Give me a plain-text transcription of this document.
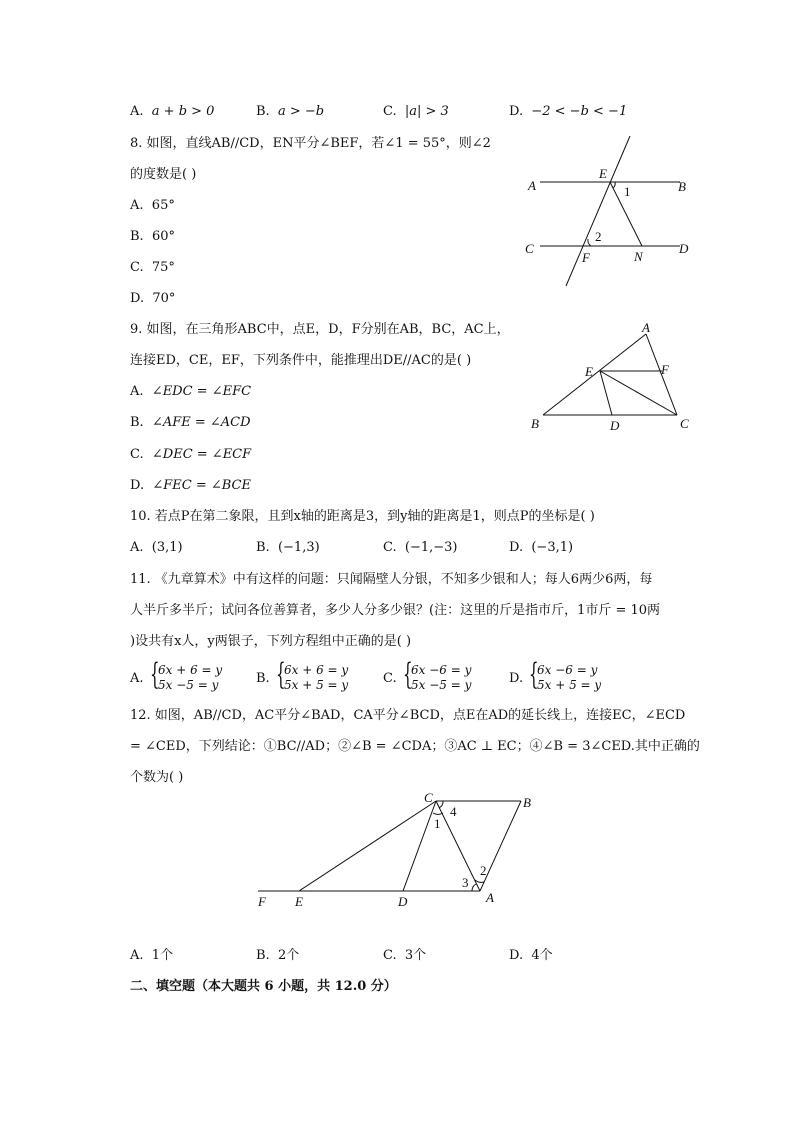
A. a + b > 0	B. a > −b	C. |a| > 3	D. −2 < −b < −1
8. 如图，直线AB//CD，EN平分∠BEF，若∠1 = 55°，则∠2
的度数是( )
A. 65°
B. 60°
C. 75°
D. 70°
A
E
B
1
C
2
D
F	N
9. 如图，在三角形ABC中，点E，D，F分别在AB，BC，AC上，
连接ED，CE，EF，下列条件中，能推理出DE//AC的是( )
A. ∠EDC = ∠EFC
B. ∠AFE = ∠ACD
C. ∠DEC = ∠ECF
D. ∠FEC = ∠BCE
A
E	F
B	D	C
10. 若点P在第二象限，且到x轴的距离是3，到y轴的距离是1，则点P的坐标是( )
A. (3,1)	B. (−1,3)	C. (−1,−3)	D. (−3,1)
11. 《九章算术》中有这样的问题：只闻隔壁人分银，不知多少银和人；每人6两少6两，每
人半斤多半斤；试问各位善算者，多少人分多少银？(注：这里的斤是指市斤，1市斤 = 10两
)设共有x人，y两银子，下列方程组中正确的是( )
A. {
6x + 6 = y
5x −5 = y	B. {
6x + 6 = y
5x + 5 = y	C. {
6x −6 = y
5x −5 = y	D. {
6x −6 = y
5x + 5 = y
12. 如图，AB//CD，AC平分∠BAD，CA平分∠BCD，点E在AD的延长线上，连接EC，∠ECD
= ∠CED，下列结论：①BC//AD；②∠B = ∠CDA；③AC ⊥ EC；④∠B = 3∠CED.其中正确的
个数为( )
C
4
B
1
2
3
A
F E	D
A. 1个	B. 2个	C. 3个	D. 4个
二、填空题（本大题共 6 小题，共 12.0 分）
